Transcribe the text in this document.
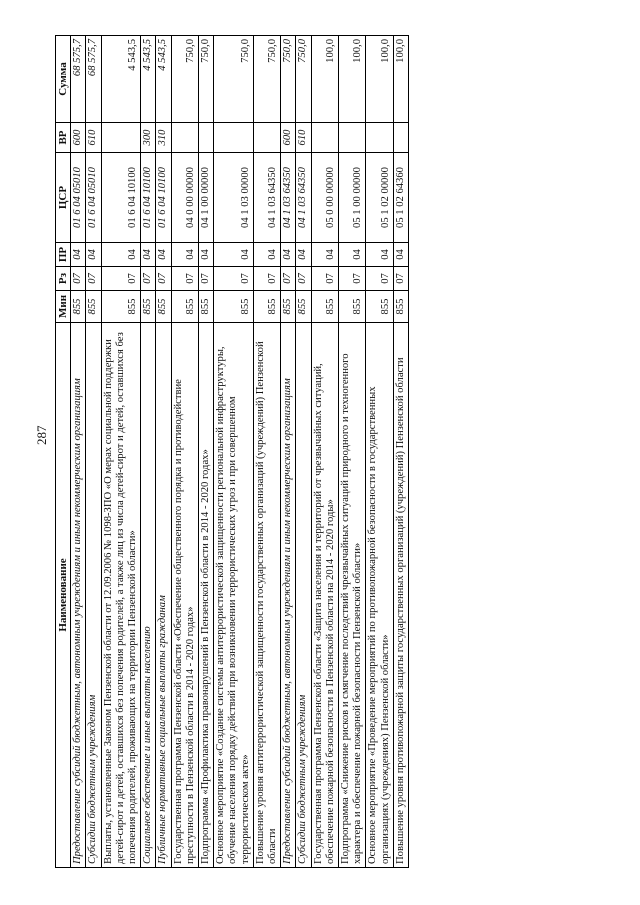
287
Наименование	Мин	Рз	ПР	ЦСР	ВР	Сумма
Предоставление субсидий бюджетным, автономным учреждениям и иным некоммерческим организациям	855	07	04	01 6 04 05010	600	68 575,7
Субсидии бюджетным учреждениям	855	07	04	01 6 04 05010	610	68 575,7
Выплаты, установленные Законом Пензенской области от 12.09.2006 № 1098-ЗПО «О мерах социальной поддержки детей-сирот и детей, оставшихся без попечения родителей, а также лиц из числа детей-сирот и детей, оставшихся без попечения родителей, проживающих на территории Пензенской области»	855	07	04	01 6 04 10100		4 543,5
Социальное обеспечение и иные выплаты населению	855	07	04	01 6 04 10100	300	4 543,5
Публичные нормативные социальные выплаты гражданам	855	07	04	01 6 04 10100	310	4 543,5
Государственная программа Пензенской области «Обеспечение общественного порядка и противодействие преступности в Пензенской области в 2014 - 2020 годах»	855	07	04	04 0 00 00000		750,0
Подпрограмма «Профилактика правонарушений в Пензенской области в 2014 - 2020 годах»	855	07	04	04 1 00 00000		750,0
Основное мероприятие «Создание системы антитеррористической защищенности региональной инфраструктуры, обучение населения порядку действий при возникновении террористических угроз и при совершенном террористическом акте»	855	07	04	04 1 03 00000		750,0
Повышение уровня антитеррористической защищенности государственных организаций (учреждений) Пензенской области	855	07	04	04 1 03 64350		750,0
Предоставление субсидий бюджетным, автономным учреждениям и иным некоммерческим организациям	855	07	04	04 1 03 64350	600	750,0
Субсидии бюджетным учреждениям	855	07	04	04 1 03 64350	610	750,0
Государственная программа Пензенской области «Защита населения и территорий от чрезвычайных ситуаций, обеспечение пожарной безопасности в Пензенской области на 2014 - 2020 годы»	855	07	04	05 0 00 00000		100,0
Подпрограмма «Снижение рисков и смягчение последствий чрезвычайных ситуаций природного и техногенного характера и обеспечение пожарной безопасности Пензенской области»	855	07	04	05 1 00 00000		100,0
Основное мероприятие «Проведение мероприятий по противопожарной безопасности в государственных организациях (учреждениях) Пензенской области»	855	07	04	05 1 02 00000		100,0
Повышение уровня противопожарной защиты государственных организаций (учреждений) Пензенской области	855	07	04	05 1 02 64360		100,0
